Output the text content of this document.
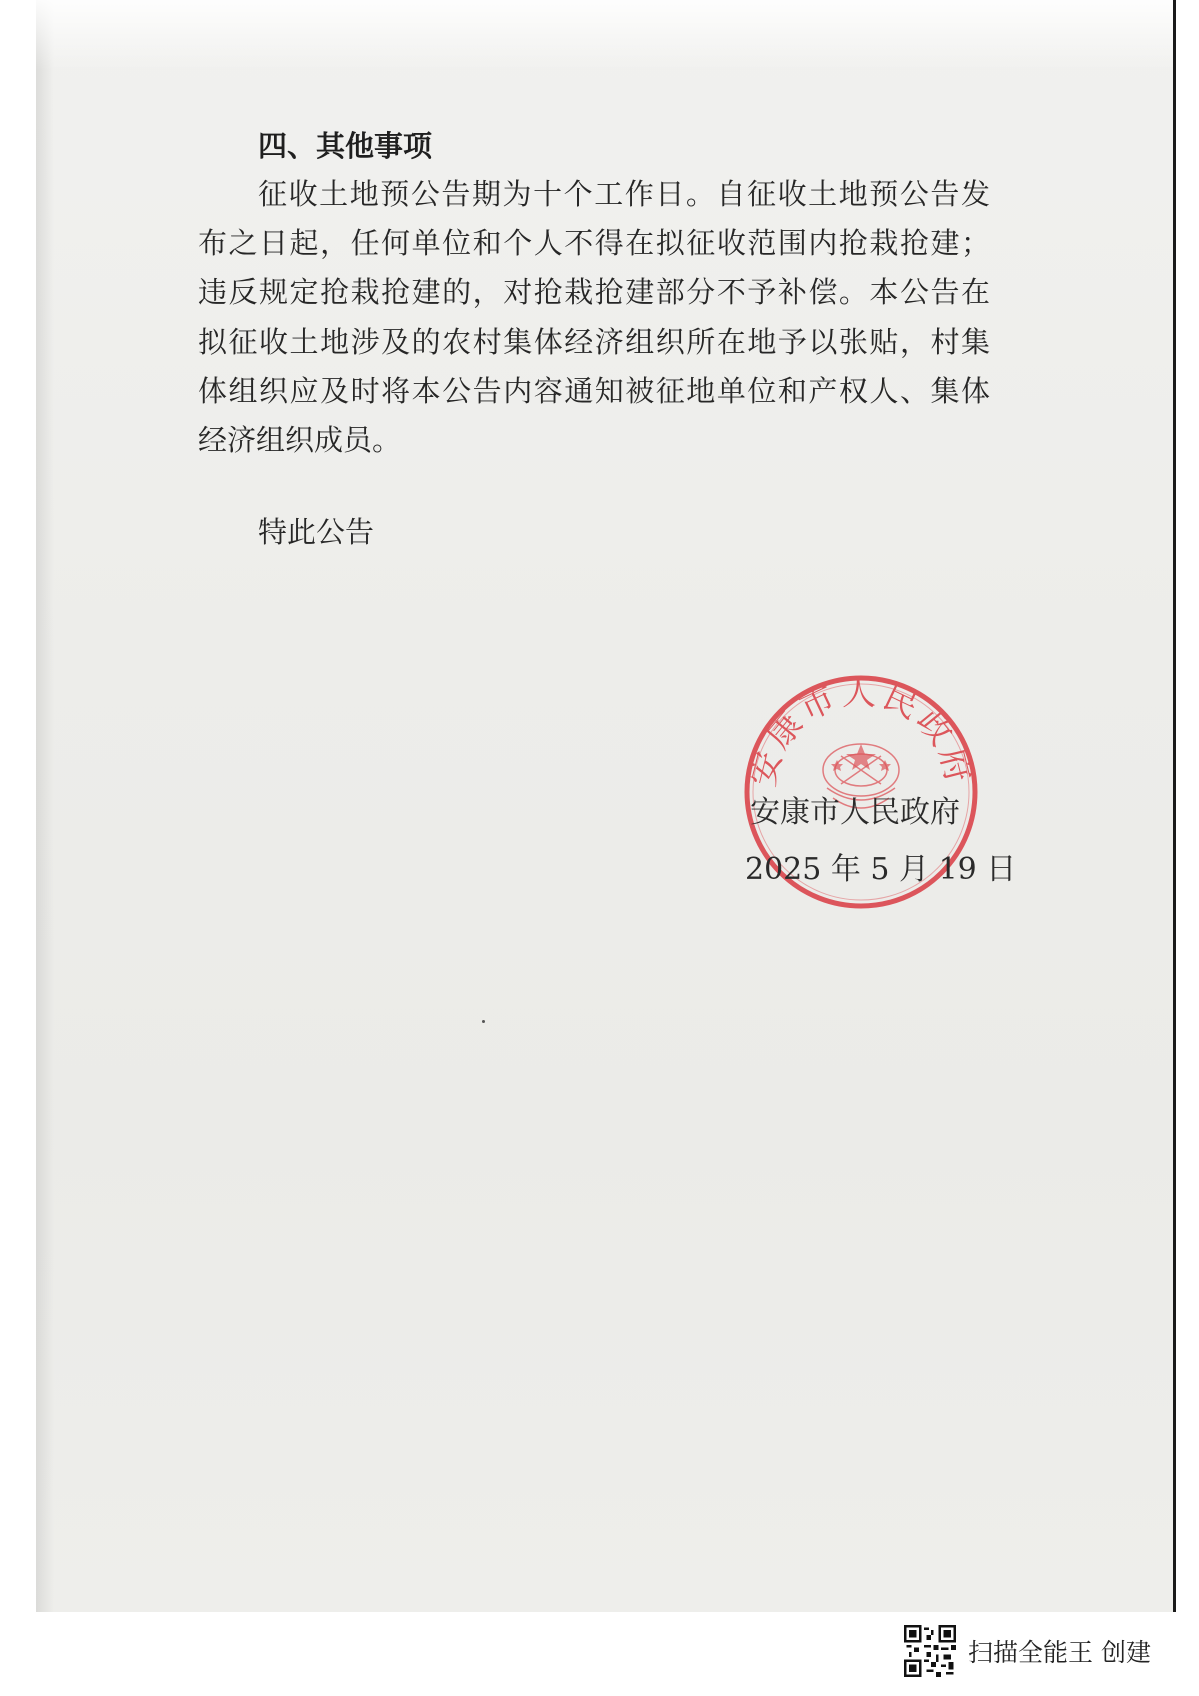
四、其他事项
征收土地预公告期为十个工作日。自征收土地预公告发
布之日起，任何单位和个人不得在拟征收范围内抢栽抢建；
违反规定抢栽抢建的，对抢栽抢建部分不予补偿。本公告在
拟征收土地涉及的农村集体经济组织所在地予以张贴，村集
体组织应及时将本公告内容通知被征地单位和产权人、集体
经济组织成员。
特此公告
安康市人民政府
安康市人民政府
2025 年 5 月 19 日
扫描全能王 创建
